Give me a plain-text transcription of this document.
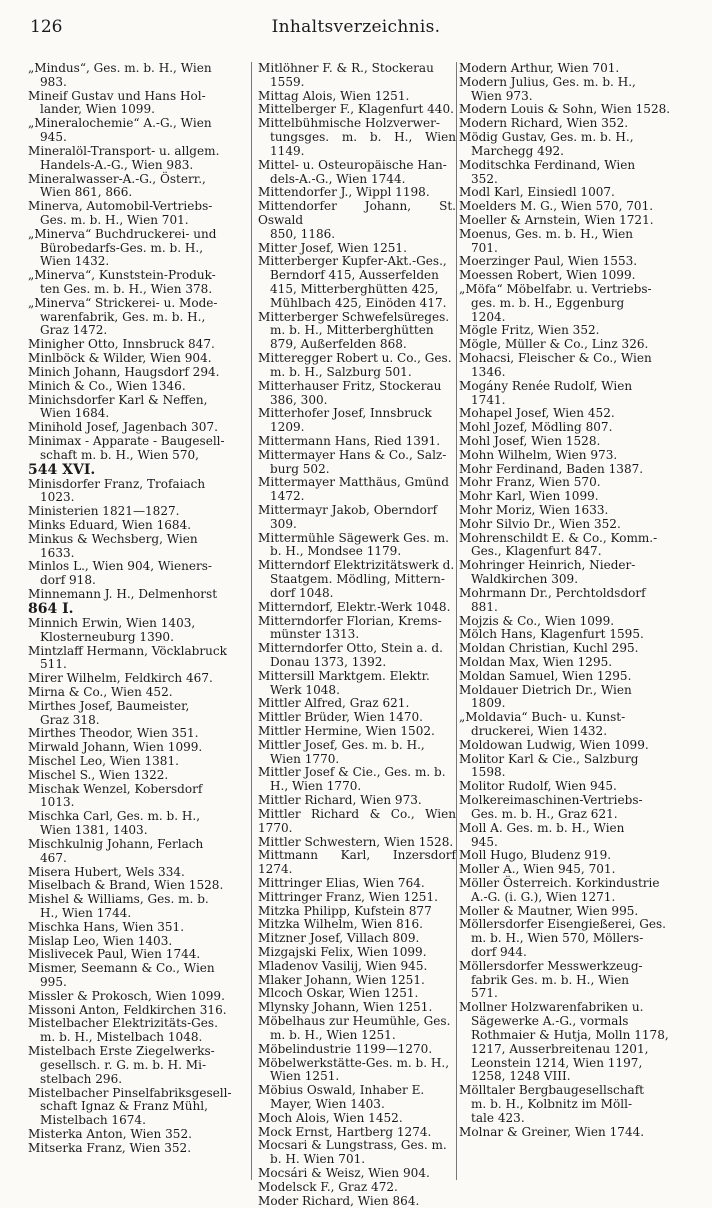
126	Inhaltsverzeichnis.
„Mindus“, Ges. m. b. H., Wien
983.
Mineif Gustav und Hans Hol-
lander, Wien 1099.
„Mineralochemie“ A.-G., Wien
945.
Mineralöl-Transport- u. allgem.
Handels-A.-G., Wien 983.
Mineralwasser-A.-G., Österr.,
Wien 861, 866.
Minerva, Automobil-Vertriebs-
Ges. m. b. H., Wien 701.
„Minerva“ Buchdruckerei- und
Bürobedarfs-Ges. m. b. H.,
Wien 1432.
„Minerva“, Kunststein-Produk-
ten Ges. m. b. H., Wien 378.
„Minerva“ Strickerei- u. Mode-
warenfabrik, Ges. m. b. H.,
Graz 1472.
Minigher Otto, Innsbruck 847.
Minlböck & Wilder, Wien 904.
Minich Johann, Haugsdorf 294.
Minich & Co., Wien 1346.
Minichsdorfer Karl & Neffen,
Wien 1684.
Minihold Josef, Jagenbach 307.
Minimax - Apparate - Baugesell-
schaft m. b. H., Wien 570,
544 XVI.
Minisdorfer Franz, Trofaiach
1023.
Ministerien 1821—1827.
Minks Eduard, Wien 1684.
Minkus & Wechsberg, Wien
1633.
Minlos L., Wien 904, Wieners-
dorf 918.
Minnemann J. H., Delmenhorst
864 I.
Minnich Erwin, Wien 1403,
Klosterneuburg 1390.
Mintzlaff Hermann, Vöcklabruck
511.
Mirer Wilhelm, Feldkirch 467.
Mirna & Co., Wien 452.
Mirthes Josef, Baumeister,
Graz 318.
Mirthes Theodor, Wien 351.
Mirwald Johann, Wien 1099.
Mischel Leo, Wien 1381.
Mischel S., Wien 1322.
Mischak Wenzel, Kobersdorf
1013.
Mischka Carl, Ges. m. b. H.,
Wien 1381, 1403.
Mischkulnig Johann, Ferlach
467.
Misera Hubert, Wels 334.
Miselbach & Brand, Wien 1528.
Mishel & Williams, Ges. m. b.
H., Wien 1744.
Mischka Hans, Wien 351.
Mislap Leo, Wien 1403.
Mislivecek Paul, Wien 1744.
Mismer, Seemann & Co., Wien
995.
Missler & Prokosch, Wien 1099.
Missoni Anton, Feldkirchen 316.
Mistelbacher Elektrizitäts-Ges.
m. b. H., Mistelbach 1048.
Mistelbach Erste Ziegelwerks-
gesellsch. r. G. m. b. H. Mi-
stelbach 296.
Mistelbacher Pinselfabriksgesell-
schaft Ignaz & Franz Mühl,
Mistelbach 1674.
Misterka Anton, Wien 352.
Mitserka Franz, Wien 352.
Mitlöhner F. & R., Stockerau
1559.
Mittag Alois, Wien 1251.
Mittelberger F., Klagenfurt 440.
Mittelbühmische Holzverwer-
tungsges. m. b. H., Wien 1149.
Mittel- u. Osteuropäische Han-
dels-A.-G., Wien 1744.
Mittendorfer J., Wippl 1198.
Mittendorfer Johann, St. Oswald
850, 1186.
Mitter Josef, Wien 1251.
Mitterberger Kupfer-Akt.-Ges.,
Berndorf 415, Ausserfelden
415, Mitterberghütten 425,
Mühlbach 425, Einöden 417.
Mitterberger Schwefelsüreges.
m. b. H., Mitterberghütten
879, Außerfelden 868.
Mitteregger Robert u. Co., Ges.
m. b. H., Salzburg 501.
Mitterhauser Fritz, Stockerau
386, 300.
Mitterhofer Josef, Innsbruck
1209.
Mittermann Hans, Ried 1391.
Mittermayer Hans & Co., Salz-
burg 502.
Mittermayer Matthäus, Gmünd
1472.
Mittermayr Jakob, Oberndorf
309.
Mittermühle Sägewerk Ges. m.
b. H., Mondsee 1179.
Mitterndorf Elektrizitätswerk d.
Staatgem. Mödling, Mittern-
dorf 1048.
Mitterndorf, Elektr.-Werk 1048.
Mitterndorfer Florian, Krems-
münster 1313.
Mitterndorfer Otto, Stein a. d.
Donau 1373, 1392.
Mittersill Marktgem. Elektr.
Werk 1048.
Mittler Alfred, Graz 621.
Mittler Brüder, Wien 1470.
Mittler Hermine, Wien 1502.
Mittler Josef, Ges. m. b. H.,
Wien 1770.
Mittler Josef & Cie., Ges. m. b.
H., Wien 1770.
Mittler Richard, Wien 973.
Mittler Richard & Co., Wien 1770.
Mittler Schwestern, Wien 1528.
Mittmann Karl, Inzersdorf 1274.
Mittringer Elias, Wien 764.
Mittringer Franz, Wien 1251.
Mitzka Philipp, Kufstein 877
Mitzka Wilhelm, Wien 816.
Mitzner Josef, Villach 809.
Mizgajski Felix, Wien 1099.
Mladenov Vasilij, Wien 945.
Mlaker Johann, Wien 1251.
Mlcoch Oskar, Wien 1251.
Mlynsky Johann, Wien 1251.
Möbelhaus zur Heumühle, Ges.
m. b. H., Wien 1251.
Möbelindustrie 1199—1270.
Möbelwerkstätte-Ges. m. b. H.,
Wien 1251.
Möbius Oswald, Inhaber E.
Mayer, Wien 1403.
Moch Alois, Wien 1452.
Mock Ernst, Hartberg 1274.
Mocsari & Lungstrass, Ges. m.
b. H. Wien 701.
Mocsári & Weisz, Wien 904.
Modelsck F., Graz 472.
Moder Richard, Wien 864.
Modern Arthur, Wien 701.
Modern Julius, Ges. m. b. H.,
Wien 973.
Modern Louis & Sohn, Wien 1528.
Modern Richard, Wien 352.
Mödig Gustav, Ges. m. b. H.,
Marchegg 492.
Moditschka Ferdinand, Wien
352.
Modl Karl, Einsiedl 1007.
Moelders M. G., Wien 570, 701.
Moeller & Arnstein, Wien 1721.
Moenus, Ges. m. b. H., Wien
701.
Moerzinger Paul, Wien 1553.
Moessen Robert, Wien 1099.
„Möfa“ Möbelfabr. u. Vertriebs-
ges. m. b. H., Eggenburg
1204.
Mögle Fritz, Wien 352.
Mögle, Müller & Co., Linz 326.
Mohacsi, Fleischer & Co., Wien
1346.
Mogány Renée Rudolf, Wien
1741.
Mohapel Josef, Wien 452.
Mohl Jozef, Mödling 807.
Mohl Josef, Wien 1528.
Mohn Wilhelm, Wien 973.
Mohr Ferdinand, Baden 1387.
Mohr Franz, Wien 570.
Mohr Karl, Wien 1099.
Mohr Moriz, Wien 1633.
Mohr Silvio Dr., Wien 352.
Mohrenschildt E. & Co., Komm.-
Ges., Klagenfurt 847.
Mohringer Heinrich, Nieder-
Waldkirchen 309.
Mohrmann Dr., Perchtoldsdorf
881.
Mojzis & Co., Wien 1099.
Mölch Hans, Klagenfurt 1595.
Moldan Christian, Kuchl 295.
Moldan Max, Wien 1295.
Moldan Samuel, Wien 1295.
Moldauer Dietrich Dr., Wien
1809.
„Moldavia“ Buch- u. Kunst-
druckerei, Wien 1432.
Moldowan Ludwig, Wien 1099.
Molitor Karl & Cie., Salzburg
1598.
Molitor Rudolf, Wien 945.
Molkereimaschinen-Vertriebs-
Ges. m. b. H., Graz 621.
Moll A. Ges. m. b. H., Wien
945.
Moll Hugo, Bludenz 919.
Moller A., Wien 945, 701.
Möller Österreich. Korkindustrie
A.-G. (i. G.), Wien 1271.
Moller & Mautner, Wien 995.
Möllersdorfer Eisengießerei, Ges.
m. b. H., Wien 570, Möllers-
dorf 944.
Möllersdorfer Messwerkzeug-
fabrik Ges. m. b. H., Wien
571.
Mollner Holzwarenfabriken u.
Sägewerke A.-G., vormals
Rothmaier & Hutja, Molln 1178,
1217, Ausserbreitenau 1201,
Leonstein 1214, Wien 1197,
1258, 1248 VIII.
Mölltaler Bergbaugesellschaft
m. b. H., Kolbnitz im Möll-
tale 423.
Molnar & Greiner, Wien 1744.
